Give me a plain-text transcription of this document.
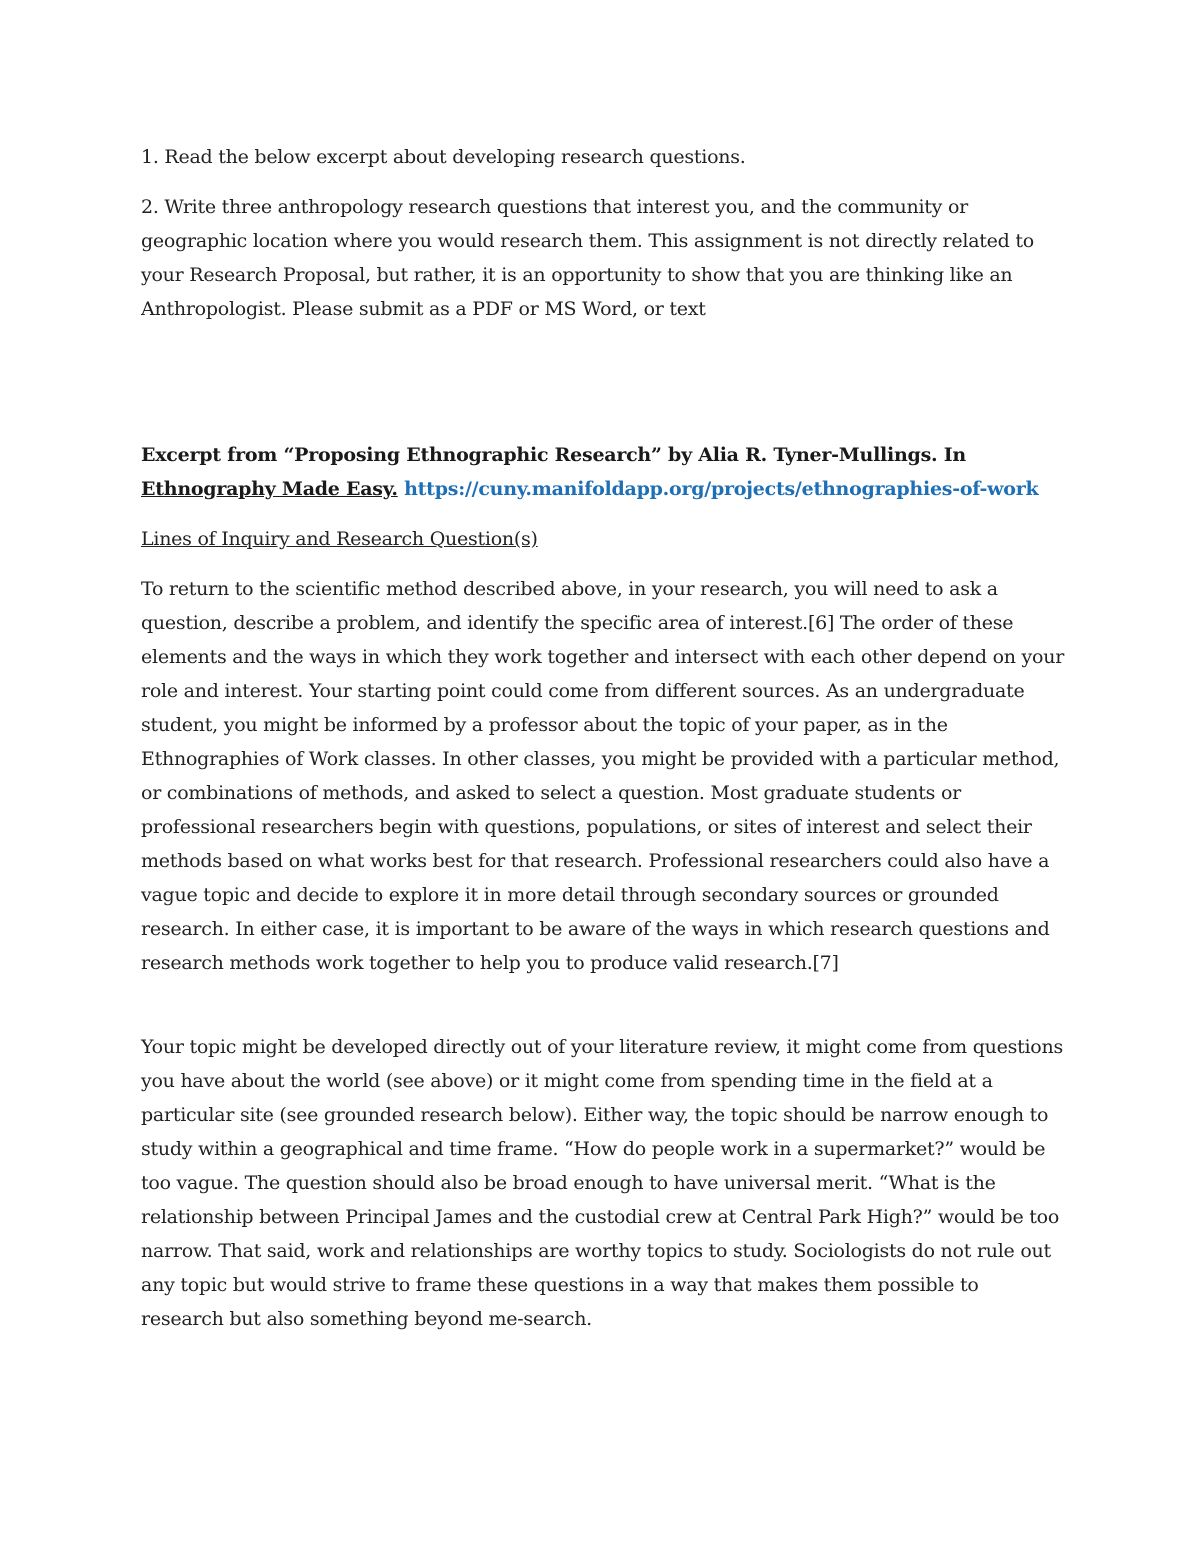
1. Read the below excerpt about developing research questions.

2. Write three anthropology research questions that interest you, and the community or geographic location where you would research them. This assignment is not directly related to your Research Proposal, but rather, it is an opportunity to show that you are thinking like an Anthropologist. Please submit as a PDF or MS Word, or text

Excerpt from “Proposing Ethnographic Research” by Alia R. Tyner-Mullings. In Ethnography Made Easy. https://cuny.manifoldapp.org/projects/ethnographies-of-work

Lines of Inquiry and Research Question(s)

To return to the scientific method described above, in your research, you will need to ask a question, describe a problem, and identify the specific area of interest.[6] The order of these elements and the ways in which they work together and intersect with each other depend on your role and interest. Your starting point could come from different sources. As an undergraduate student, you might be informed by a professor about the topic of your paper, as in the Ethnographies of Work classes. In other classes, you might be provided with a particular method, or combinations of methods, and asked to select a question. Most graduate students or professional researchers begin with questions, populations, or sites of interest and select their methods based on what works best for that research. Professional researchers could also have a vague topic and decide to explore it in more detail through secondary sources or grounded research. In either case, it is important to be aware of the ways in which research questions and research methods work together to help you to produce valid research.[7]

Your topic might be developed directly out of your literature review, it might come from questions you have about the world (see above) or it might come from spending time in the field at a particular site (see grounded research below). Either way, the topic should be narrow enough to study within a geographical and time frame. “How do people work in a supermarket?” would be too vague. The question should also be broad enough to have universal merit. “What is the relationship between Principal James and the custodial crew at Central Park High?” would be too narrow. That said, work and relationships are worthy topics to study. Sociologists do not rule out any topic but would strive to frame these questions in a way that makes them possible to research but also something beyond me-search.
